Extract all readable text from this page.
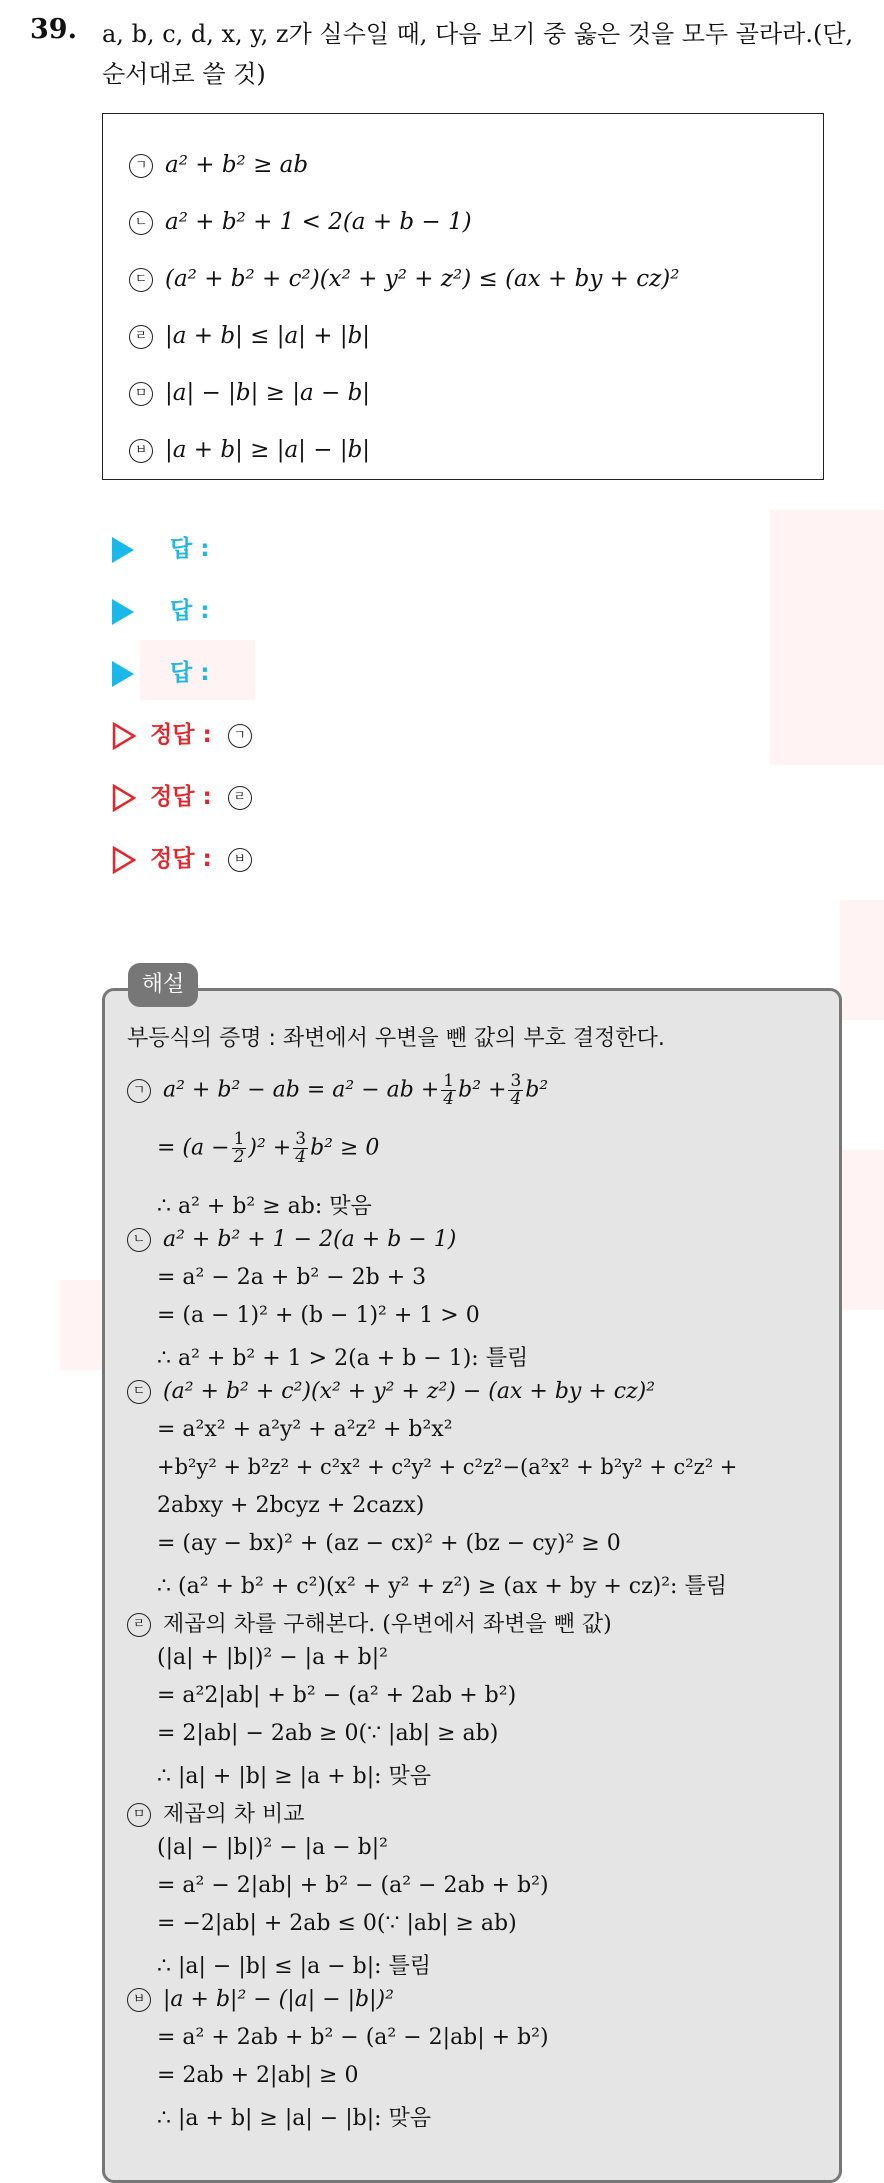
39. a, b, c, d, x, y, z가 실수일 때, 다음 보기 중 옳은 것을 모두 골라라.(단, 순서대로 쓸 것)
ㄱ a² + b² ≥ ab
ㄴ a² + b² + 1 < 2(a + b − 1)
ㄷ (a² + b² + c²)(x² + y² + z²) ≤ (ax + by + cz)²
ㄹ |a + b| ≤ |a| + |b|
ㅁ |a| − |b| ≥ |a − b|
ㅂ |a + b| ≥ |a| − |b|
답 :
답 :
답 :
정답 : ㄱ
정답 : ㄹ
정답 : ㅂ
부등식의 증명 : 좌변에서 우변을 뺀 값의 부호 결정한다.
ㄱ a² + b² − ab = a² − ab + $\frac{1}{4} b^2 + \frac{3}{4} b^2$
= $(a - \frac{1}{2} )^2 + \frac{3}{4} b^2 \ge 0$
∴ a² + b² ≥ ab: 맞음
ㄴ a² + b² + 1 − 2(a + b − 1)
= a² − 2a + b² − 2b + 3
= (a − 1)² + (b − 1)² + 1 > 0
∴ a² + b² + 1 > 2(a + b − 1): 틀림
ㄷ (a² + b² + c²)(x² + y² + z²) − (ax + by + cz)²
= a²x² + a²y² + a²z² + b²x²
+b²y² + b²z² + c²x² + c²y² + c²z²−(a²x² + b²y² + c²z² +
2abxy + 2bcyz + 2cazx)
= (ay − bx)² + (az − cx)² + (bz − cy)² ≥ 0
∴ (a² + b² + c²)(x² + y² + z²) ≥ (ax + by + cz)²: 틀림
ㄹ 제곱의 차를 구해본다. (우변에서 좌변을 뺀 값)
(|a| + |b|)² − |a + b|²
= a²2|ab| + b² − (a² + 2ab + b²)
= 2|ab| − 2ab ≥ 0(∵ |ab| ≥ ab)
∴ |a| + |b| ≥ |a + b|: 맞음
ㅁ 제곱의 차 비교
(|a| − |b|)² − |a − b|²
= a² − 2|ab| + b² − (a² − 2ab + b²)
= −2|ab| + 2ab ≤ 0(∵ |ab| ≥ ab)
∴ |a| − |b| ≤ |a − b|: 틀림
ㅂ |a + b|² − (|a| − |b|)²
= a² + 2ab + b² − (a² − 2|ab| + b²)
= 2ab + 2|ab| ≥ 0
∴ |a + b| ≥ |a| − |b|: 맞음
해설
